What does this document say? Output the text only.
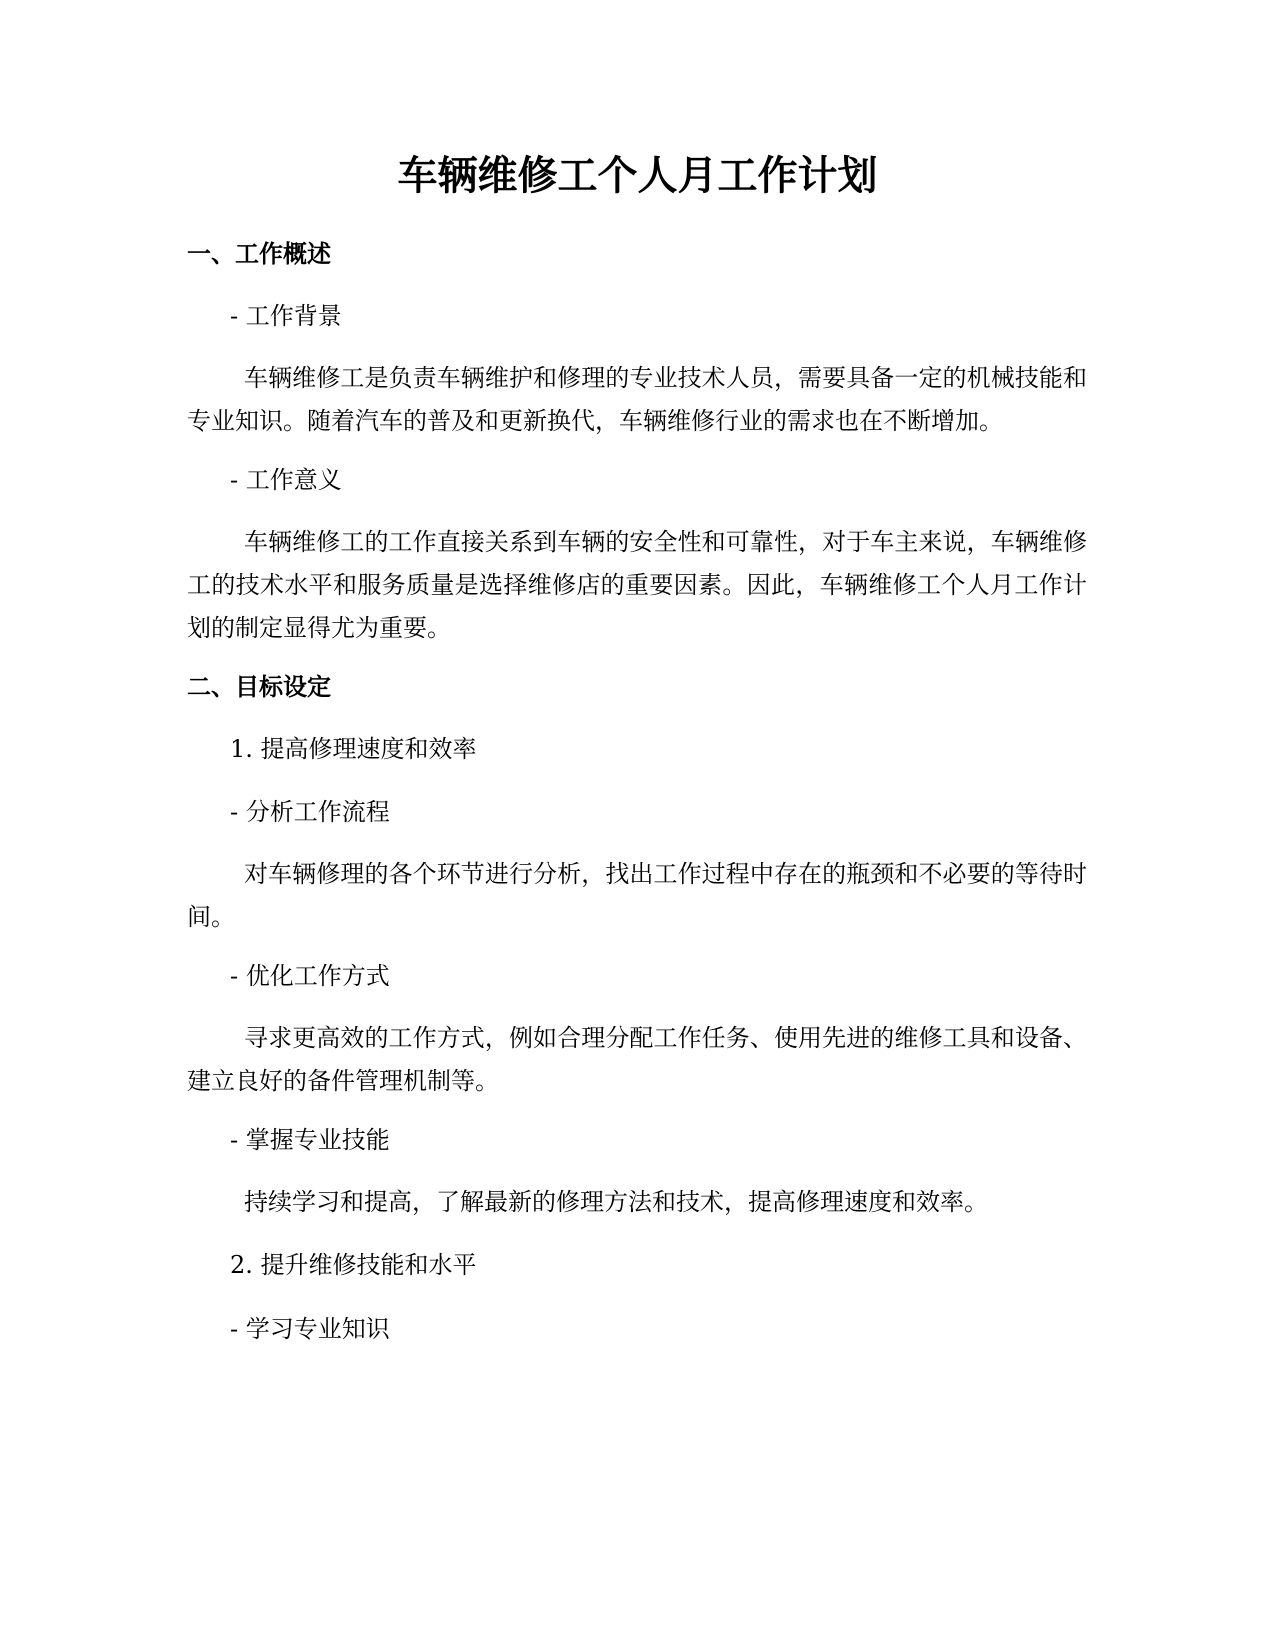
车辆维修工个人月工作计划
一、工作概述
- 工作背景
车辆维修工是负责车辆维护和修理的专业技术人员，需要具备一定的机械技能和专业知识。随着汽车的普及和更新换代，车辆维修行业的需求也在不断增加。
- 工作意义
车辆维修工的工作直接关系到车辆的安全性和可靠性，对于车主来说，车辆维修工的技术水平和服务质量是选择维修店的重要因素。因此，车辆维修工个人月工作计划的制定显得尤为重要。
二、目标设定
1. 提高修理速度和效率
- 分析工作流程
对车辆修理的各个环节进行分析，找出工作过程中存在的瓶颈和不必要的等待时间。
- 优化工作方式
寻求更高效的工作方式，例如合理分配工作任务、使用先进的维修工具和设备、建立良好的备件管理机制等。
- 掌握专业技能
持续学习和提高，了解最新的修理方法和技术，提高修理速度和效率。
2. 提升维修技能和水平
- 学习专业知识
